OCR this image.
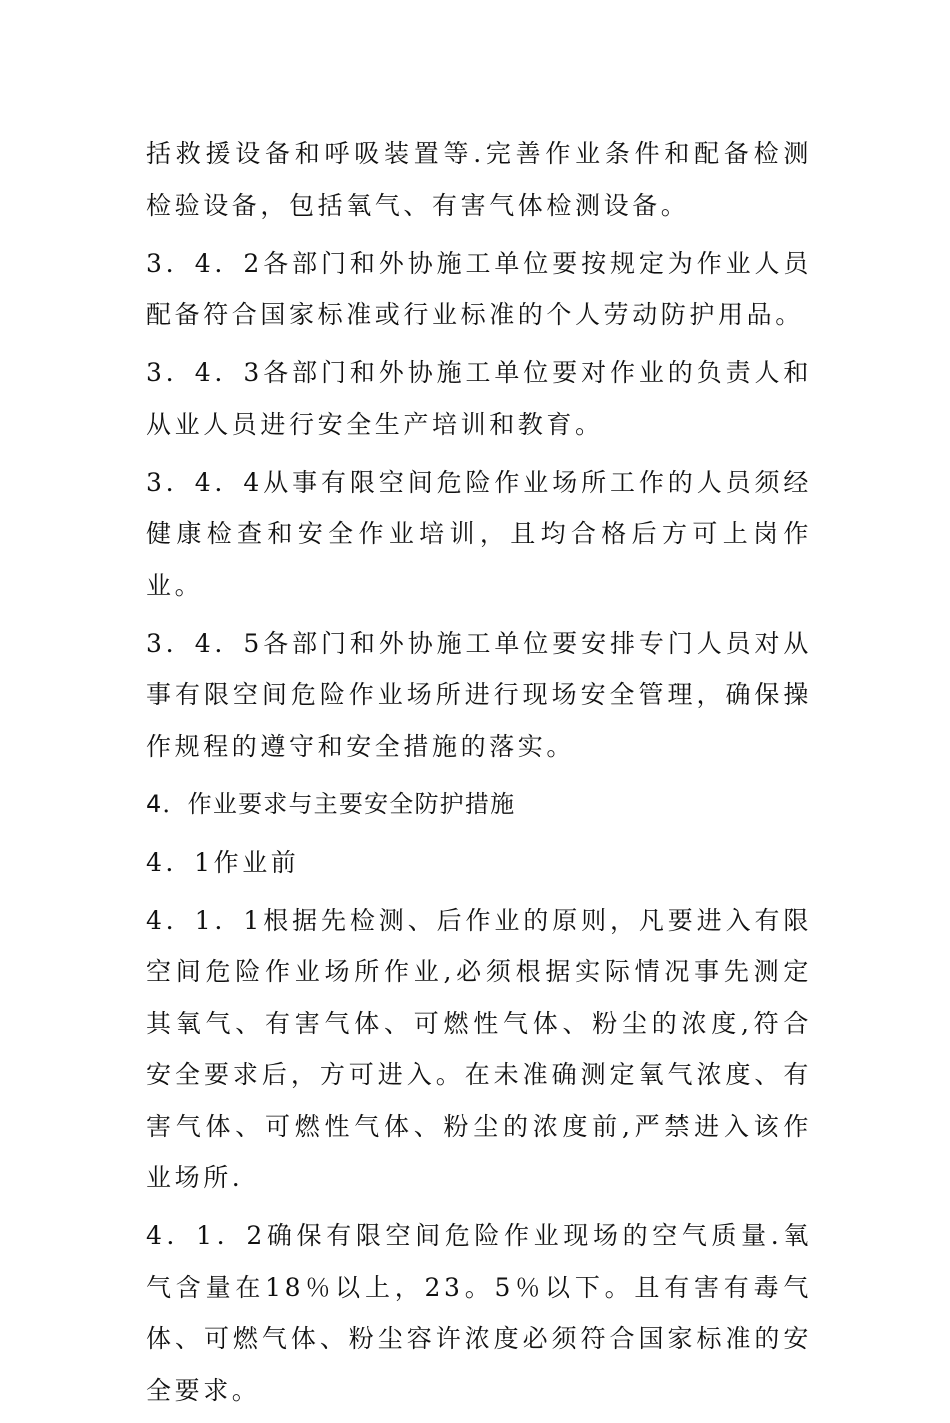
括救援设备和呼吸装置等.完善作业条件和配备检测检验设备，包括氧气、有害气体检测设备。

3．4．2各部门和外协施工单位要按规定为作业人员配备符合国家标准或行业标准的个人劳动防护用品。

3．4．3各部门和外协施工单位要对作业的负责人和从业人员进行安全生产培训和教育。

3．4．4从事有限空间危险作业场所工作的人员须经健康检查和安全作业培训，且均合格后方可上岗作业。

3．4．5各部门和外协施工单位要安排专门人员对从事有限空间危险作业场所进行现场安全管理，确保操作规程的遵守和安全措施的落实。

4．作业要求与主要安全防护措施

4．1作业前

4．1．1根据先检测、后作业的原则，凡要进入有限空间危险作业场所作业,必须根据实际情况事先测定其氧气、有害气体、可燃性气体、粉尘的浓度,符合安全要求后，方可进入。在未准确测定氧气浓度、有害气体、可燃性气体、粉尘的浓度前,严禁进入该作业场所.

4．1．2确保有限空间危险作业现场的空气质量.氧气含量在18％以上，23。5％以下。且有害有毒气体、可燃气体、粉尘容许浓度必须符合国家标准的安全要求。
